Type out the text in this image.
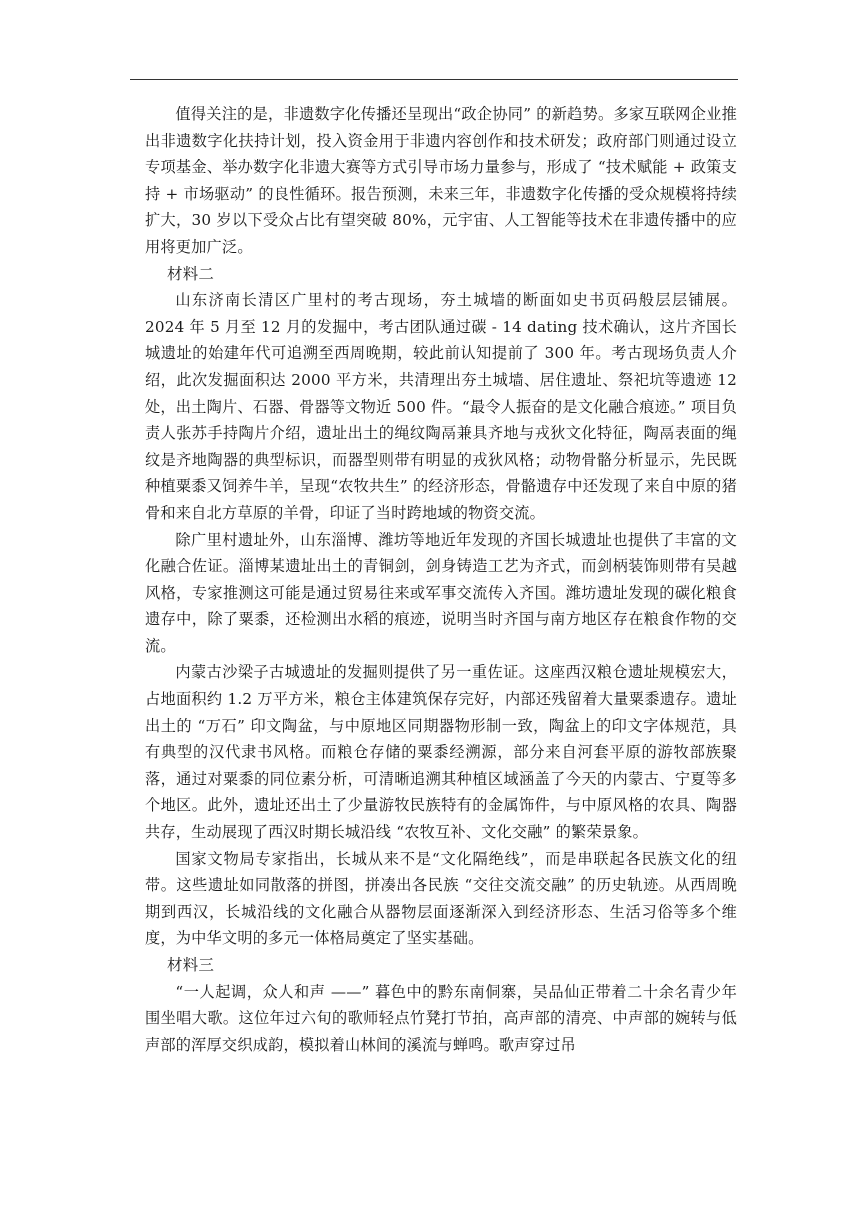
值得关注的是，非遗数字化传播还呈现出“政企协同” 的新趋势。多家互联网企业推出非遗数字化扶持计划，投入资金用于非遗内容创作和技术研发；政府部门则通过设立专项基金、举办数字化非遗大赛等方式引导市场力量参与，形成了 “技术赋能 + 政策支持 + 市场驱动” 的良性循环。报告预测，未来三年，非遗数字化传播的受众规模将持续扩大，30 岁以下受众占比有望突破 80%，元宇宙、人工智能等技术在非遗传播中的应用将更加广泛。

材料二

山东济南长清区广里村的考古现场，夯土城墙的断面如史书页码般层层铺展。2024 年 5 月至 12 月的发掘中，考古团队通过碳 - 14 dating 技术确认，这片齐国长城遗址的始建年代可追溯至西周晚期，较此前认知提前了 300 年。考古现场负责人介绍，此次发掘面积达 2000 平方米，共清理出夯土城墙、居住遗址、祭祀坑等遗迹 12 处，出土陶片、石器、骨器等文物近 500 件。“最令人振奋的是文化融合痕迹。” 项目负责人张苏手持陶片介绍，遗址出土的绳纹陶鬲兼具齐地与戎狄文化特征，陶鬲表面的绳纹是齐地陶器的典型标识，而器型则带有明显的戎狄风格；动物骨骼分析显示，先民既种植粟黍又饲养牛羊，呈现“农牧共生” 的经济形态，骨骼遗存中还发现了来自中原的猪骨和来自北方草原的羊骨，印证了当时跨地域的物资交流。

除广里村遗址外，山东淄博、潍坊等地近年发现的齐国长城遗址也提供了丰富的文化融合佐证。淄博某遗址出土的青铜剑，剑身铸造工艺为齐式，而剑柄装饰则带有吴越风格，专家推测这可能是通过贸易往来或军事交流传入齐国。潍坊遗址发现的碳化粮食遗存中，除了粟黍，还检测出水稻的痕迹，说明当时齐国与南方地区存在粮食作物的交流。

内蒙古沙梁子古城遗址的发掘则提供了另一重佐证。这座西汉粮仓遗址规模宏大，占地面积约 1.2 万平方米，粮仓主体建筑保存完好，内部还残留着大量粟黍遗存。遗址出土的 “万石” 印文陶盆，与中原地区同期器物形制一致，陶盆上的印文字体规范，具有典型的汉代隶书风格。而粮仓存储的粟黍经溯源，部分来自河套平原的游牧部族聚落，通过对粟黍的同位素分析，可清晰追溯其种植区域涵盖了今天的内蒙古、宁夏等多个地区。此外，遗址还出土了少量游牧民族特有的金属饰件，与中原风格的农具、陶器共存，生动展现了西汉时期长城沿线 “农牧互补、文化交融” 的繁荣景象。

国家文物局专家指出，长城从来不是“文化隔绝线”，而是串联起各民族文化的纽带。这些遗址如同散落的拼图，拼凑出各民族 “交往交流交融” 的历史轨迹。从西周晚期到西汉，长城沿线的文化融合从器物层面逐渐深入到经济形态、生活习俗等多个维度，为中华文明的多元一体格局奠定了坚实基础。

材料三

“一人起调，众人和声 ——” 暮色中的黔东南侗寨，吴品仙正带着二十余名青少年围坐唱大歌。这位年过六旬的歌师轻点竹凳打节拍，高声部的清亮、中声部的婉转与低声部的浑厚交织成韵，模拟着山林间的溪流与蝉鸣。歌声穿过吊
